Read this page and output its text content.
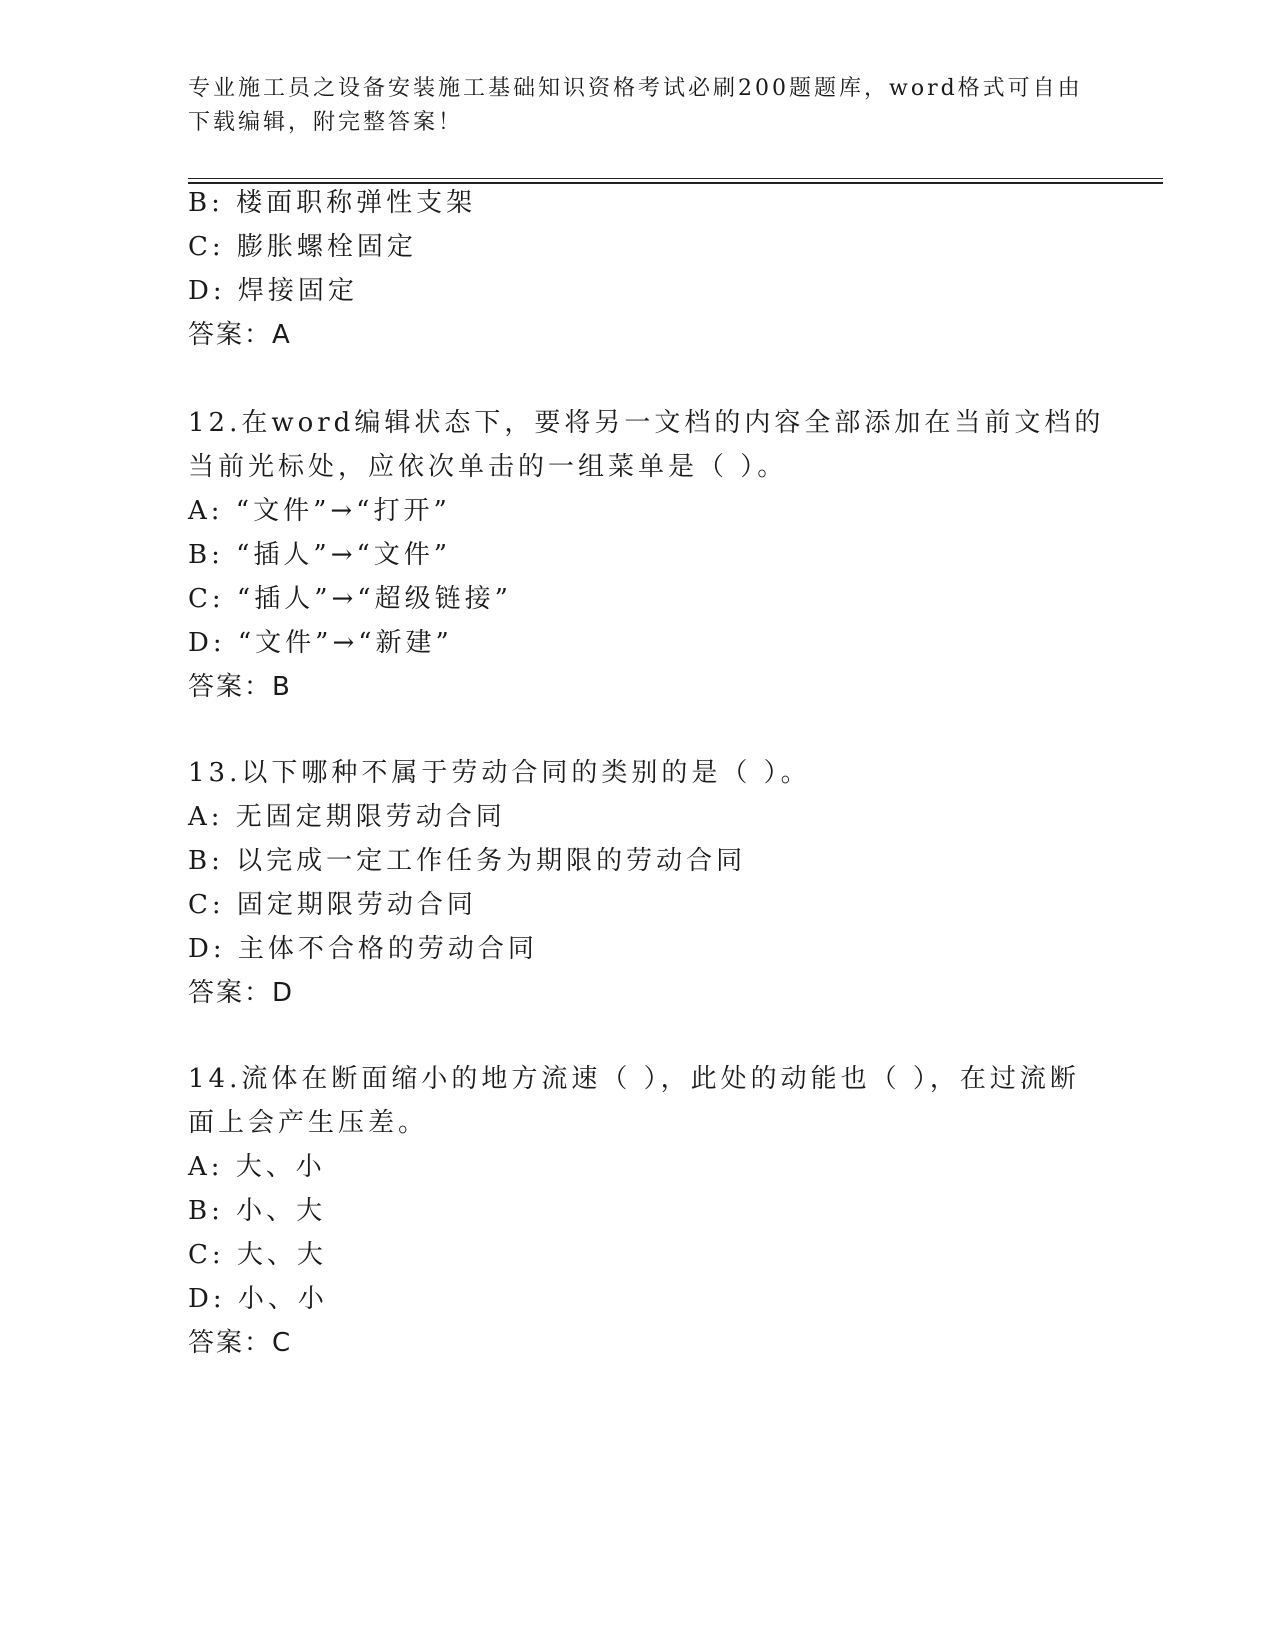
专业施工员之设备安装施工基础知识资格考试必刷200题题库，word格式可自由
下载编辑，附完整答案！
B: 楼面职称弹性支架
C: 膨胀螺栓固定
D: 焊接固定
答案：A
12.在word编辑状态下，要将另一文档的内容全部添加在当前文档的
当前光标处，应依次单击的一组菜单是（ ）。
A: “文件”→“打开”
B: “插人”→“文件”
C: “插人”→“超级链接”
D: “文件”→“新建”
答案：B
13.以下哪种不属于劳动合同的类别的是（ ）。
A: 无固定期限劳动合同
B: 以完成一定工作任务为期限的劳动合同
C: 固定期限劳动合同
D: 主体不合格的劳动合同
答案：D
14.流体在断面缩小的地方流速（ ），此处的动能也（ ），在过流断
面上会产生压差。
A: 大、小
B: 小、大
C: 大、大
D: 小、小
答案：C
